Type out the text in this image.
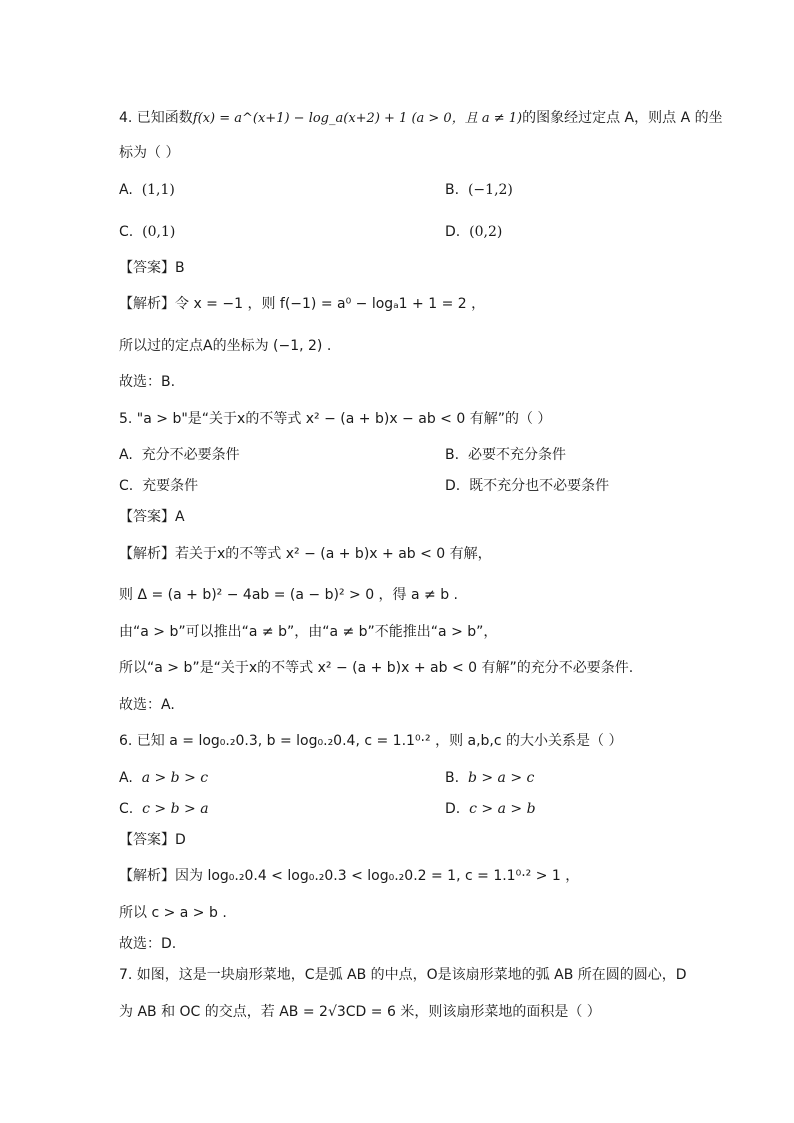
4. 已知函数f(x) = a^(x+1) − log_a(x+2) + 1 (a > 0，且 a ≠ 1)的图象经过定点 A，则点 A 的坐
标为（ ）
A. (1,1)	B. (−1,2)
C. (0,1)	D. (0,2)
【答案】B
【解析】令 x = −1 ，则 f(−1) = a⁰ − logₐ1 + 1 = 2 ，
所以过的定点A的坐标为 (−1, 2) .
故选：B.
5. "a > b"是“关于x的不等式 x² − (a + b)x − ab < 0 有解”的（ ）
A. 充分不必要条件	B. 必要不充分条件
C. 充要条件	D. 既不充分也不必要条件
【答案】A
【解析】若关于x的不等式 x² − (a + b)x + ab < 0 有解，
则 Δ = (a + b)² − 4ab = (a − b)² > 0 ，得 a ≠ b .
由“a > b”可以推出“a ≠ b”，由“a ≠ b”不能推出“a > b”，
所以“a > b”是“关于x的不等式 x² − (a + b)x + ab < 0 有解”的充分不必要条件.
故选：A.
6. 已知 a = log₀.₂0.3, b = log₀.₂0.4, c = 1.1⁰·² ，则 a,b,c 的大小关系是（ ）
A. a > b > c	B. b > a > c
C. c > b > a	D. c > a > b
【答案】D
【解析】因为 log₀.₂0.4 < log₀.₂0.3 < log₀.₂0.2 = 1, c = 1.1⁰·² > 1 ，
所以 c > a > b .
故选：D.
7. 如图，这是一块扇形菜地，C是弧 AB 的中点，O是该扇形菜地的弧 AB 所在圆的圆心，D
为 AB 和 OC 的交点，若 AB = 2√3CD = 6 米，则该扇形菜地的面积是（ ）
